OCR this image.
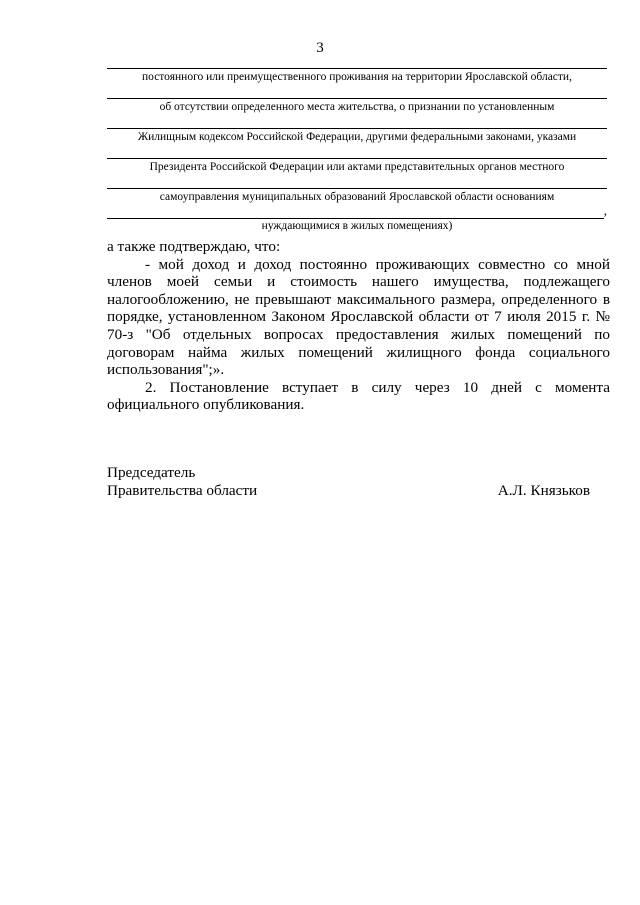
3
постоянного или преимущественного проживания на территории Ярославской области,
об отсутствии определенного места жительства, о признании по установленным
Жилищным кодексом Российской Федерации, другими федеральными законами, указами
Президента Российской Федерации или актами представительных органов местного
самоуправления муниципальных образований Ярославской области основаниям
,
нуждающимися в жилых помещениях)

а также подтверждаю, что:

- мой доход и доход постоянно проживающих совместно со мной членов моей семьи и стоимость нашего имущества, подлежащего налогообложению, не превышают максимального размера, определенного в порядке, установленном Законом Ярославской области от 7 июля 2015 г. № 70-з "Об отдельных вопросах предоставления жилых помещений по договорам найма жилых помещений жилищного фонда социального использования";».

2. Постановление вступает в силу через 10 дней с момента официального опубликования.

Председатель
Правительства области	А.Л. Князьков
